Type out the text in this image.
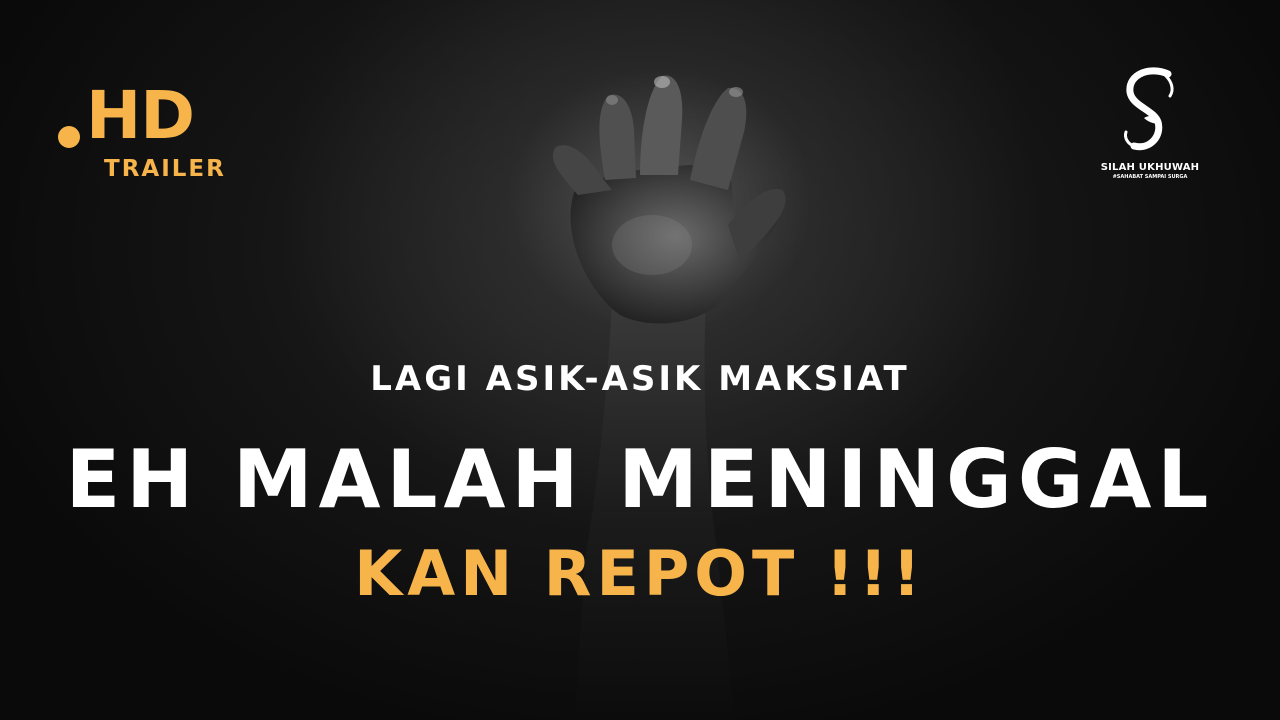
HD
TRAILER	SILAH UKHUWAH
#SAHABAT SAMPAI SURGA
LAGI ASIK-ASIK MAKSIAT
EH MALAH MENINGGAL
KAN REPOT !!!
